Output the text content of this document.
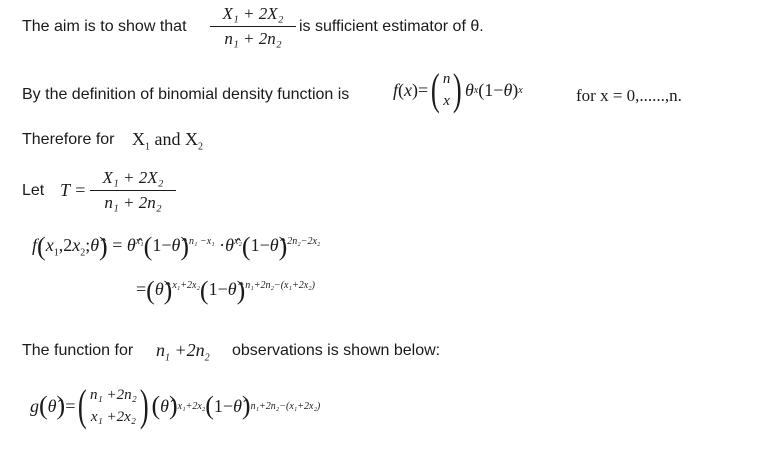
The aim is to show that
X₁ + 2X₂
n₁ + 2n₂
is sufficient estimator of θ.
By the definition of binomial density function is f ( x )= ( n
x ) θ x (1− θ ) x	for x = 0,......,n.
Therefore for $X_1$ and $X_2$
Let T =
X₁ + 2X₂
n₁ + 2n₂
$f(x_1,2x_2;\thetâ)$ = θ̂$^{x_1}$(1−θ̂)$^{n_1 -x_1}$ ·θ̂$^{x_2}$(1−θ̂)$^{2n_2-2x_2}$
=(θ̂)$^{x_1+2x_2}$(1−θ̂)$^{n_1+2n_2-(x_1+2x_2)}$
The function for $n_1 +2n_2$ observations is shown below:
g ( θ̂ ) = ( n₁ +2n₂
x₁ +2x₂ ) ( θ̂ ) x₁+2x₂ ( 1− θ̂ ) n₁+2n₂−(x₁+2x₂)
